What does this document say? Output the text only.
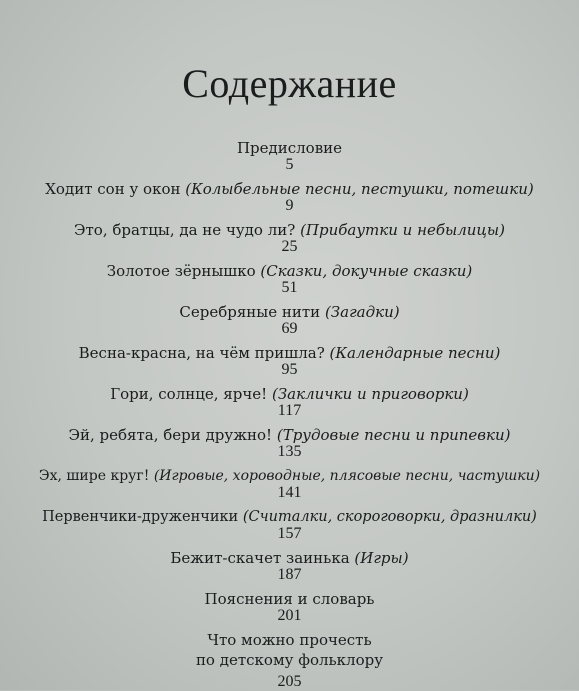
Содержание
Предисловие
5
Ходит сон у окон (Колыбельные песни, пестушки, потешки)
9
Это, братцы, да не чудо ли? (Прибаутки и небылицы)
25
Золотое зёрнышко (Сказки, докучные сказки)
51
Серебряные нити (Загадки)
69
Весна-красна, на чём пришла? (Календарные песни)
95
Гори, солнце, ярче! (Заклички и приговорки)
117
Эй, ребята, бери дружно! (Трудовые песни и припевки)
135
Эх, шире круг! (Игровые, хороводные, плясовые песни, частушки)
141
Первенчики-друженчики (Считалки, скороговорки, дразнилки)
157
Бежит-скачет заинька (Игры)
187
Пояснения и словарь
201
Что можно прочесть
по детскому фольклору
205
